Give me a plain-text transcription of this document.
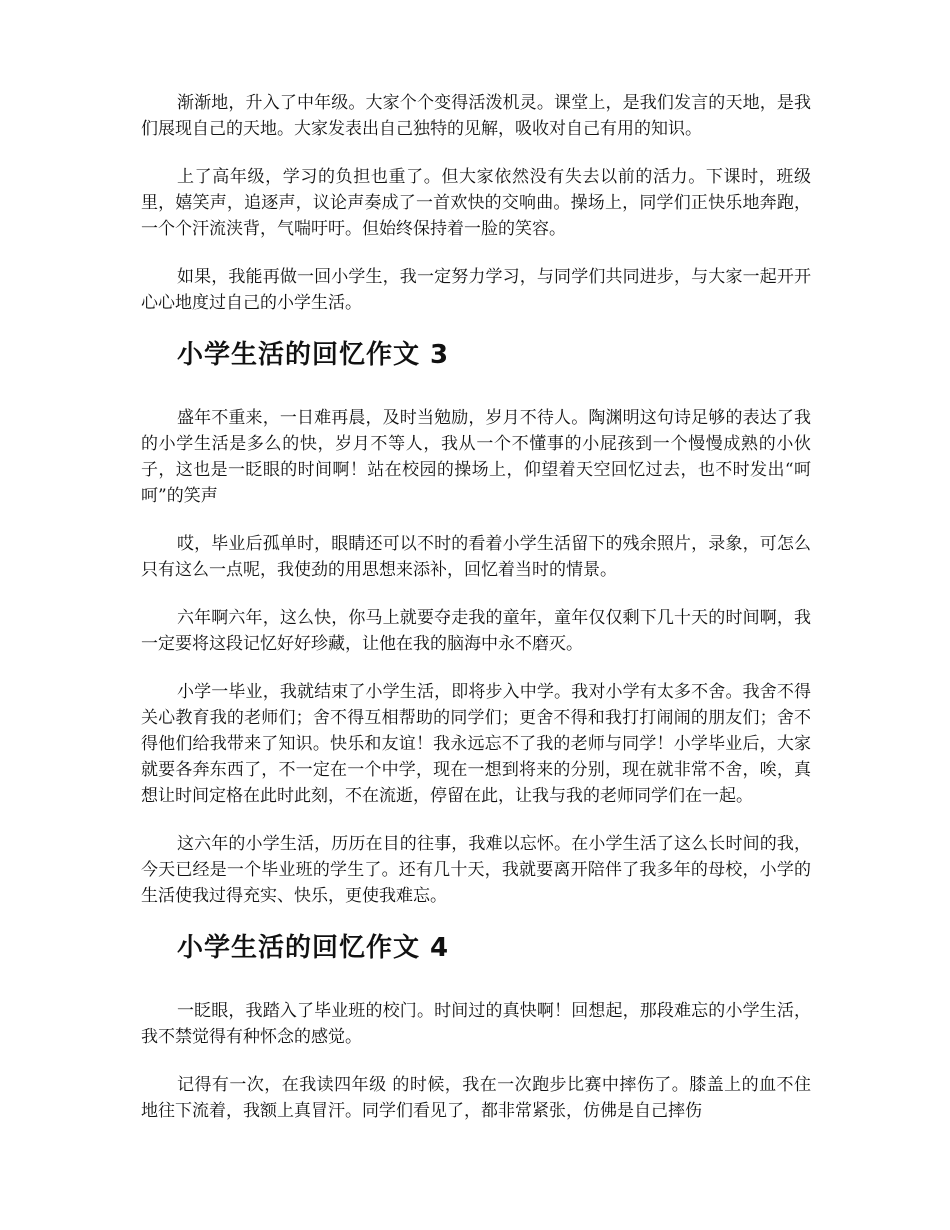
渐渐地，升入了中年级。大家个个变得活泼机灵。课堂上，是我们发言的天地，是我们展现自己的天地。大家发表出自己独特的见解，吸收对自己有用的知识。

上了高年级，学习的负担也重了。但大家依然没有失去以前的活力。下课时，班级里，嬉笑声，追逐声，议论声奏成了一首欢快的交响曲。操场上，同学们正快乐地奔跑，一个个汗流浃背，气喘吁吁。但始终保持着一脸的笑容。

如果，我能再做一回小学生，我一定努力学习，与同学们共同进步，与大家一起开开心心地度过自己的小学生活。

小学生活的回忆作文 3

盛年不重来，一日难再晨，及时当勉励，岁月不待人。陶渊明这句诗足够的表达了我的小学生活是多么的快，岁月不等人，我从一个不懂事的小屁孩到一个慢慢成熟的小伙子，这也是一眨眼的时间啊！站在校园的操场上，仰望着天空回忆过去，也不时发出“呵呵”的笑声

哎，毕业后孤单时，眼睛还可以不时的看着小学生活留下的残余照片，录象，可怎么只有这么一点呢，我使劲的用思想来添补，回忆着当时的情景。

六年啊六年，这么快，你马上就要夺走我的童年，童年仅仅剩下几十天的时间啊，我一定要将这段记忆好好珍藏，让他在我的脑海中永不磨灭。

小学一毕业，我就结束了小学生活，即将步入中学。我对小学有太多不舍。我舍不得关心教育我的老师们；舍不得互相帮助的同学们；更舍不得和我打打闹闹的朋友们；舍不得他们给我带来了知识。快乐和友谊！我永远忘不了我的老师与同学！小学毕业后，大家就要各奔东西了，不一定在一个中学，现在一想到将来的分别，现在就非常不舍，唉，真想让时间定格在此时此刻，不在流逝，停留在此，让我与我的老师同学们在一起。

这六年的小学生活，历历在目的往事，我难以忘怀。在小学生活了这么长时间的我，今天已经是一个毕业班的学生了。还有几十天，我就要离开陪伴了我多年的母校，小学的生活使我过得充实、快乐，更使我难忘。

小学生活的回忆作文 4

一眨眼，我踏入了毕业班的校门。时间过的真快啊！回想起，那段难忘的小学生活，我不禁觉得有种怀念的感觉。

记得有一次，在我读四年级 的时候，我在一次跑步比赛中摔伤了。膝盖上的血不住地往下流着，我额上真冒汗。同学们看见了，都非常紧张，仿佛是自己摔伤
